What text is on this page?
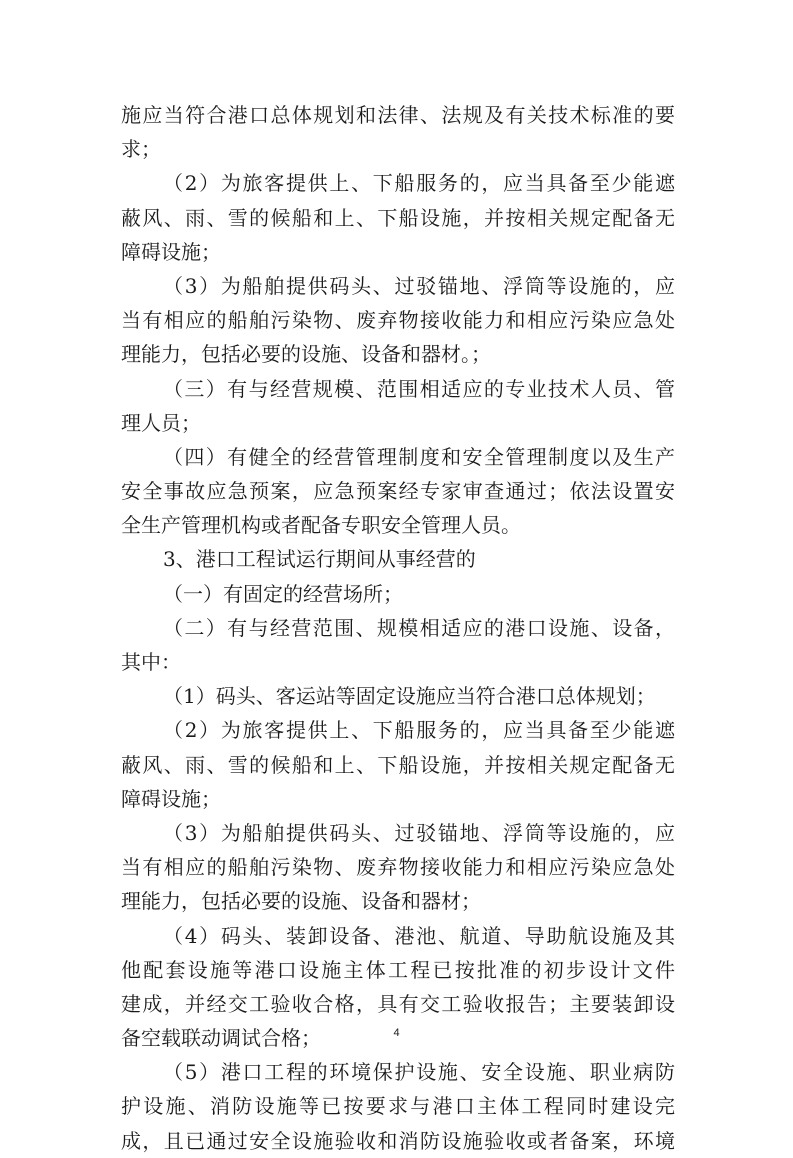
施应当符合港口总体规划和法律、法规及有关技术标准的要
求；
（2）为旅客提供上、下船服务的，应当具备至少能遮
蔽风、雨、雪的候船和上、下船设施，并按相关规定配备无
障碍设施；
（3）为船舶提供码头、过驳锚地、浮筒等设施的，应
当有相应的船舶污染物、废弃物接收能力和相应污染应急处
理能力，包括必要的设施、设备和器材。；
（三）有与经营规模、范围相适应的专业技术人员、管
理人员；
（四）有健全的经营管理制度和安全管理制度以及生产
安全事故应急预案，应急预案经专家审查通过；依法设置安
全生产管理机构或者配备专职安全管理人员。
3、港口工程试运行期间从事经营的
（一）有固定的经营场所；
（二）有与经营范围、规模相适应的港口设施、设备，
其中：
（1）码头、客运站等固定设施应当符合港口总体规划；
（2）为旅客提供上、下船服务的，应当具备至少能遮
蔽风、雨、雪的候船和上、下船设施，并按相关规定配备无
障碍设施；
（3）为船舶提供码头、过驳锚地、浮筒等设施的，应
当有相应的船舶污染物、废弃物接收能力和相应污染应急处
理能力，包括必要的设施、设备和器材；
（4）码头、装卸设备、港池、航道、导助航设施及其
他配套设施等港口设施主体工程已按批准的初步设计文件
建成，并经交工验收合格，具有交工验收报告；主要装卸设
备空载联动调试合格；
（5）港口工程的环境保护设施、安全设施、职业病防
护设施、消防设施等已按要求与港口主体工程同时建设完
成，且已通过安全设施验收和消防设施验收或者备案，环境
4
